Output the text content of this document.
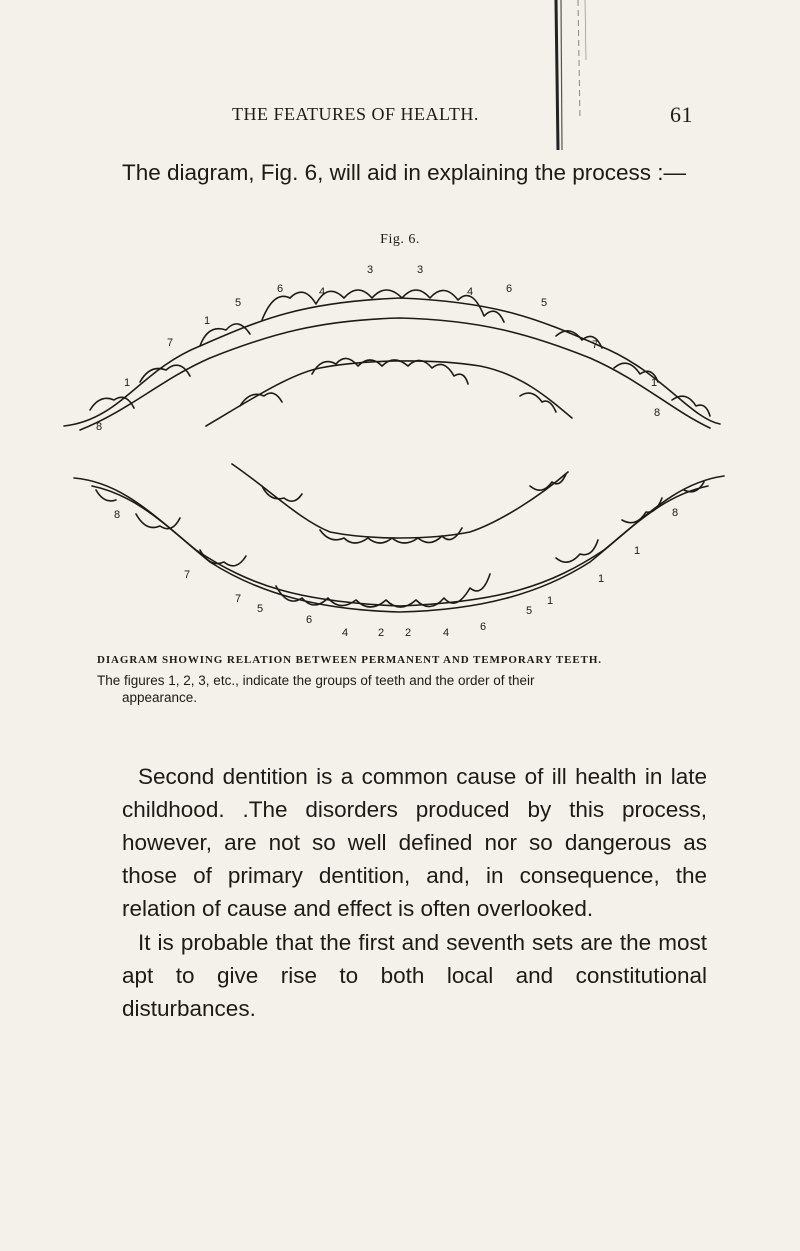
THE FEATURES OF HEALTH.	61

The diagram, Fig. 6, will aid in explaining the process :—

Fig. 6.

4
3	3
4
6	6
5	5
1
7	7
1
8
8
1
6
4	2 2	4	6
5	5
7	1
7
1
8	8
1

DIAGRAM SHOWING RELATION BETWEEN PERMANENT AND TEMPORARY TEETH.

The figures 1, 2, 3, etc., indicate the groups of teeth and the order of their
appearance.

Second dentition is a common cause of ill health in late childhood. .The disorders produced by this process, however, are not so well defined nor so dangerous as those of primary dentition, and, in consequence, the relation of cause and effect is often overlooked.

It is probable that the first and seventh sets are the most apt to give rise to both local and constitutional disturbances.
